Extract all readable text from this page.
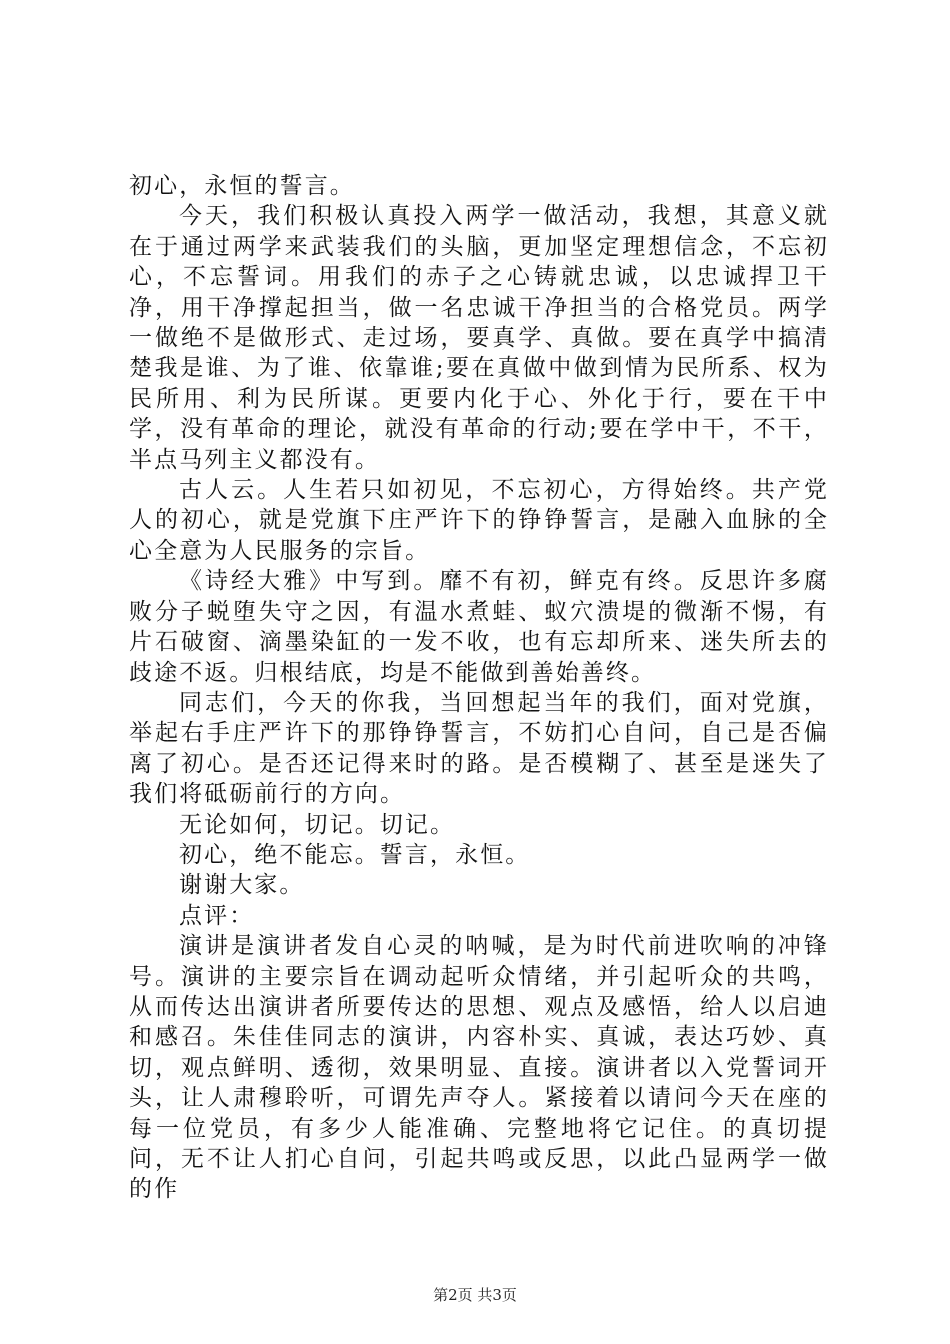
初心，永恒的誓言。

今天，我们积极认真投入两学一做活动，我想，其意义就在于通过两学来武装我们的头脑，更加坚定理想信念，不忘初心，不忘誓词。用我们的赤子之心铸就忠诚，以忠诚捍卫干净，用干净撑起担当，做一名忠诚干净担当的合格党员。两学一做绝不是做形式、走过场，要真学、真做。要在真学中搞清楚我是谁、为了谁、依靠谁;要在真做中做到情为民所系、权为民所用、利为民所谋。更要内化于心、外化于行，要在干中学，没有革命的理论，就没有革命的行动;要在学中干，不干，半点马列主义都没有。

古人云。人生若只如初见，不忘初心，方得始终。共产党人的初心，就是党旗下庄严许下的铮铮誓言，是融入血脉的全心全意为人民服务的宗旨。

《诗经大雅》中写到。靡不有初，鲜克有终。反思许多腐败分子蜕堕失守之因，有温水煮蛙、蚁穴溃堤的微渐不惕，有片石破窗、滴墨染缸的一发不收，也有忘却所来、迷失所去的歧途不返。归根结底，均是不能做到善始善终。

同志们，今天的你我，当回想起当年的我们，面对党旗，举起右手庄严许下的那铮铮誓言，不妨扪心自问，自己是否偏离了初心。是否还记得来时的路。是否模糊了、甚至是迷失了我们将砥砺前行的方向。

无论如何，切记。切记。

初心，绝不能忘。誓言，永恒。

谢谢大家。

点评：

演讲是演讲者发自心灵的呐喊，是为时代前进吹响的冲锋号。演讲的主要宗旨在调动起听众情绪，并引起听众的共鸣，从而传达出演讲者所要传达的思想、观点及感悟，给人以启迪和感召。朱佳佳同志的演讲，内容朴实、真诚，表达巧妙、真切，观点鲜明、透彻，效果明显、直接。演讲者以入党誓词开头，让人肃穆聆听，可谓先声夺人。紧接着以请问今天在座的每一位党员，有多少人能准确、完整地将它记住。的真切提问，无不让人扪心自问，引起共鸣或反思，以此凸显两学一做的作

第2页 共3页
